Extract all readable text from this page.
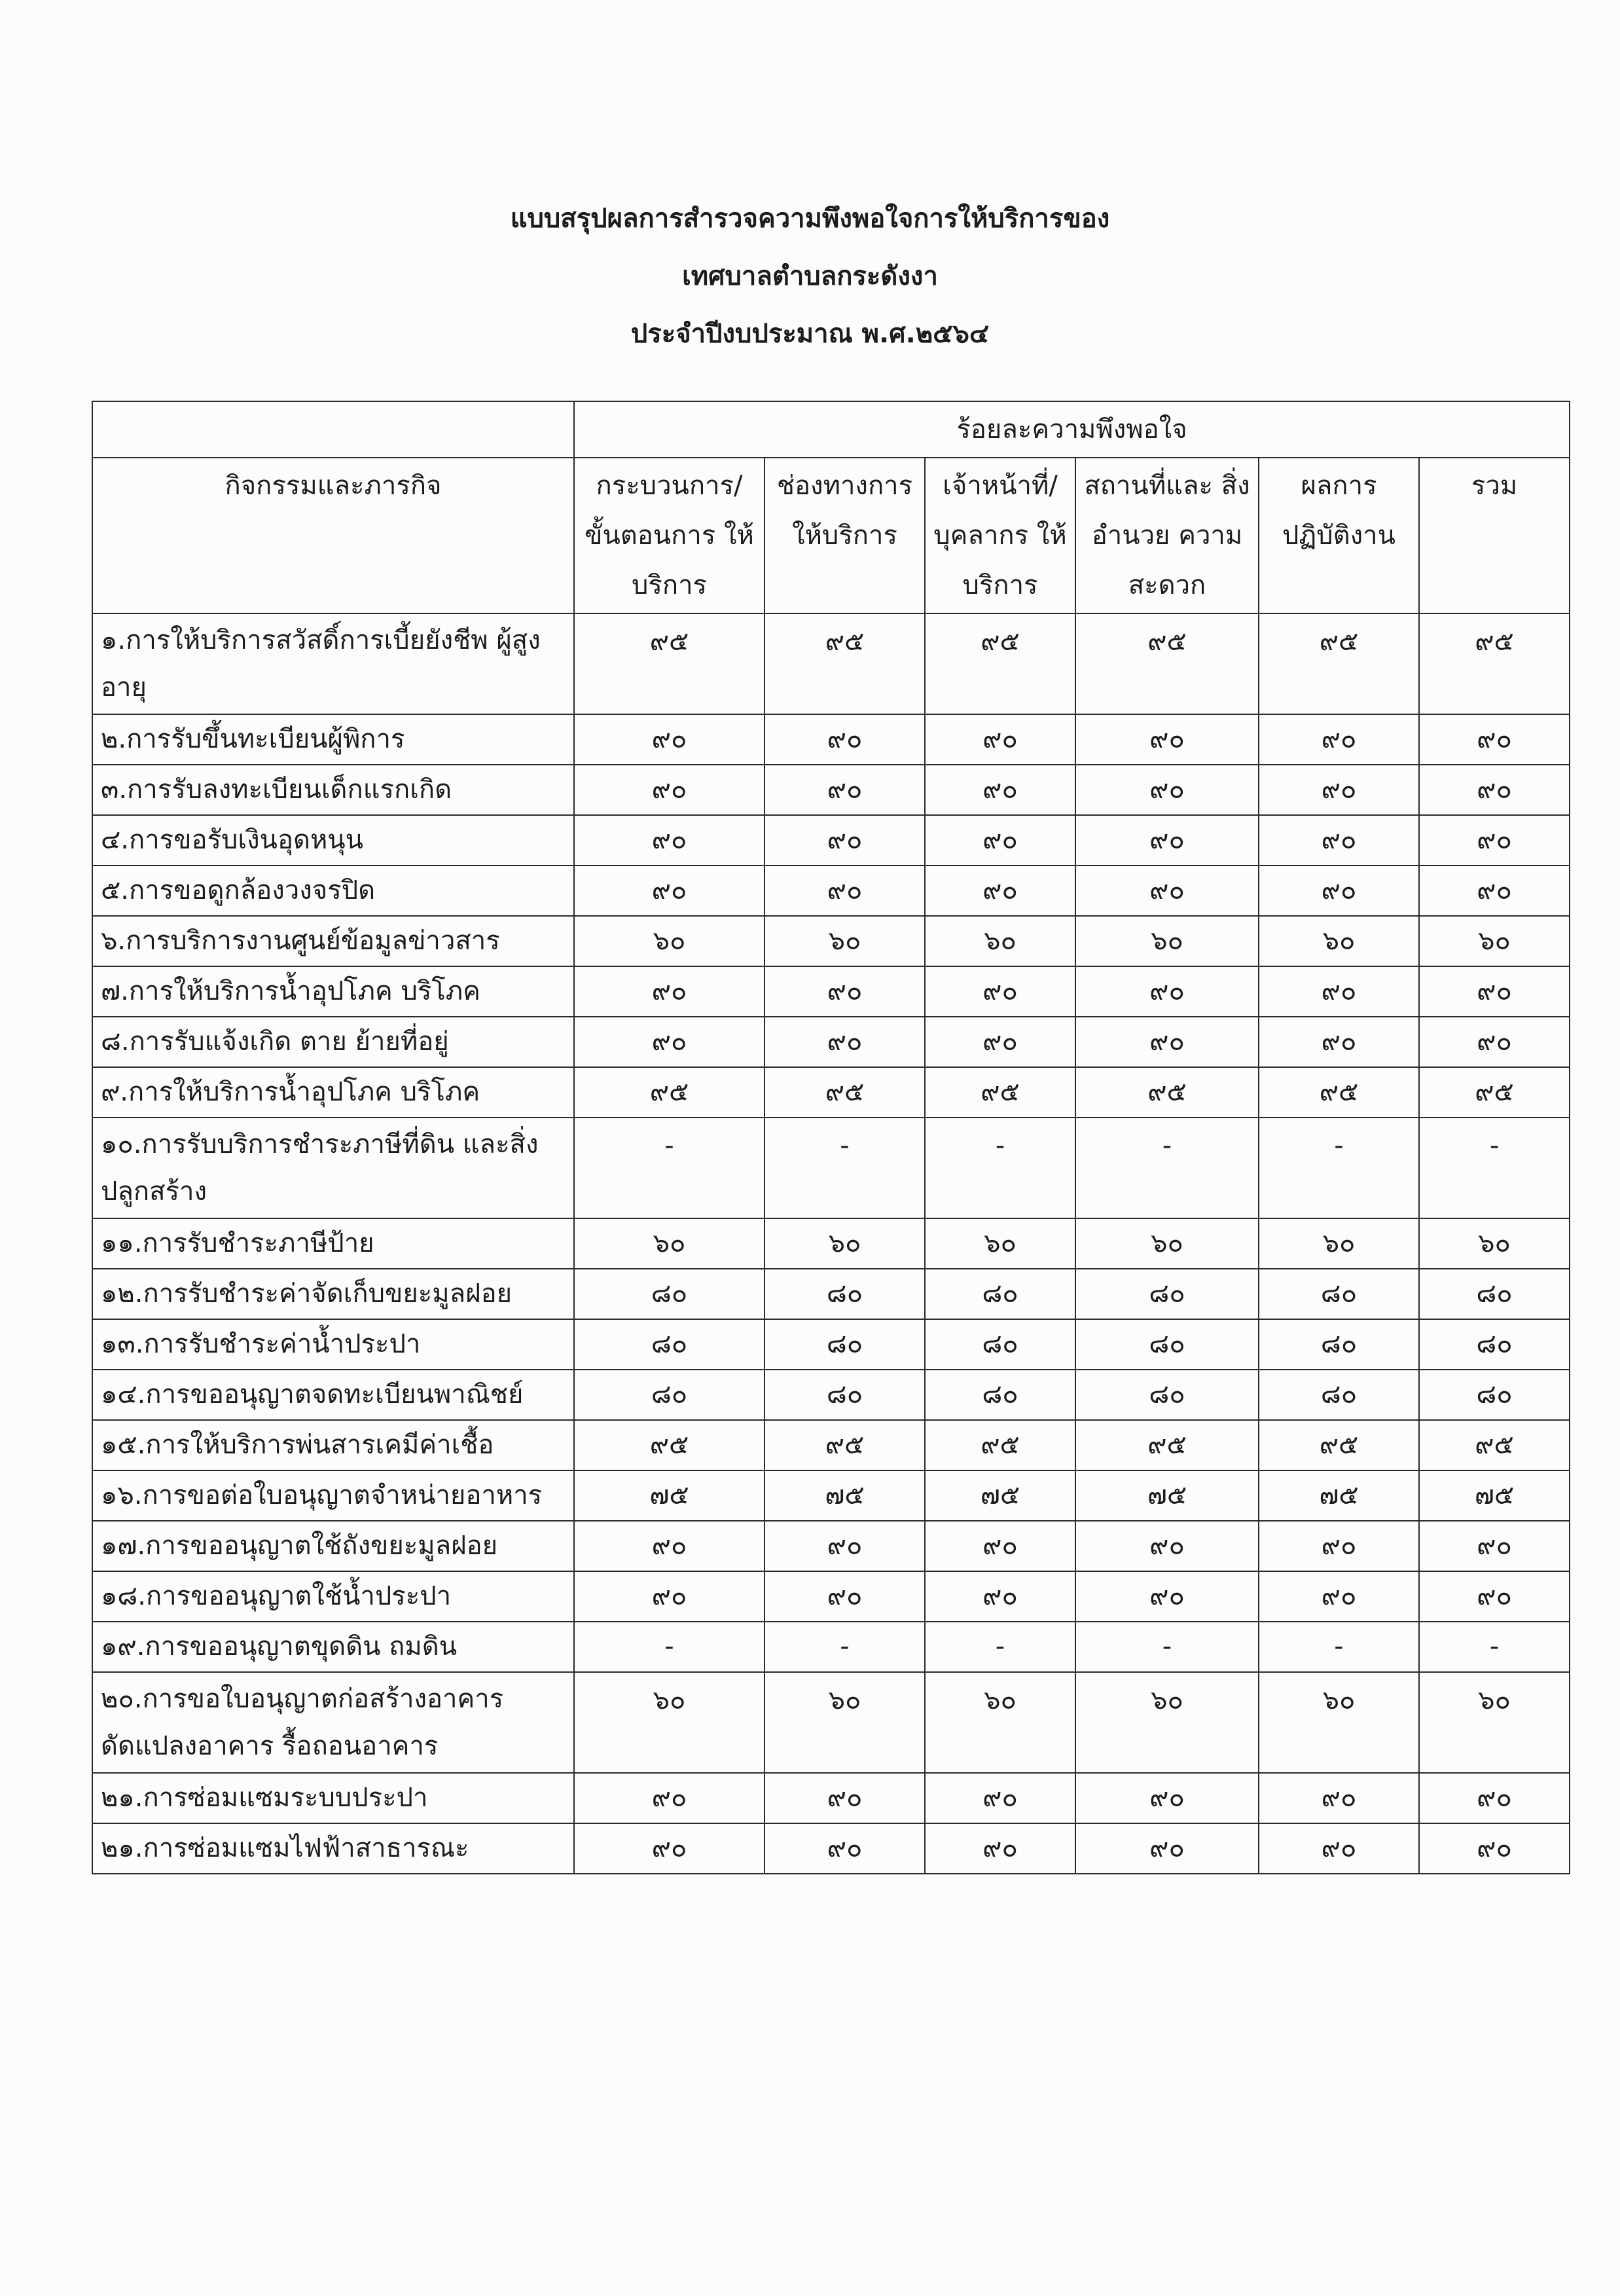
แบบสรุปผลการสำรวจความพึงพอใจการให้บริการของ
เทศบาลตำบลกระดังงา
ประจำปีงบประมาณ พ.ศ.๒๕๖๔
	ร้อยละความพึงพอใจ					
กิจกรรมและภารกิจ	กระบวนการ/ ขั้นตอนการ ให้บริการ	ช่องทางการ ให้บริการ	เจ้าหน้าที่/ บุคลากร ให้บริการ	สถานที่และ สิ่งอำนวย ความสะดวก	ผลการ ปฏิบัติงาน	รวม
๑.การให้บริการสวัสดิ์การเบี้ยยังชีพ ผู้สูงอายุ	๙๕	๙๕	๙๕	๙๕	๙๕	๙๕
๒.การรับขึ้นทะเบียนผู้พิการ	๙๐	๙๐	๙๐	๙๐	๙๐	๙๐
๓.การรับลงทะเบียนเด็กแรกเกิด	๙๐	๙๐	๙๐	๙๐	๙๐	๙๐
๔.การขอรับเงินอุดหนุน	๙๐	๙๐	๙๐	๙๐	๙๐	๙๐
๕.การขอดูกล้องวงจรปิด	๙๐	๙๐	๙๐	๙๐	๙๐	๙๐
๖.การบริการงานศูนย์ข้อมูลข่าวสาร	๖๐	๖๐	๖๐	๖๐	๖๐	๖๐
๗.การให้บริการน้ำอุปโภค บริโภค	๙๐	๙๐	๙๐	๙๐	๙๐	๙๐
๘.การรับแจ้งเกิด ตาย ย้ายที่อยู่	๙๐	๙๐	๙๐	๙๐	๙๐	๙๐
๙.การให้บริการน้ำอุปโภค บริโภค	๙๕	๙๕	๙๕	๙๕	๙๕	๙๕
๑๐.การรับบริการชำระภาษีที่ดิน และสิ่งปลูกสร้าง	-	-	-	-	-	-
๑๑.การรับชำระภาษีป้าย	๖๐	๖๐	๖๐	๖๐	๖๐	๖๐
๑๒.การรับชำระค่าจัดเก็บขยะมูลฝอย	๘๐	๘๐	๘๐	๘๐	๘๐	๘๐
๑๓.การรับชำระค่าน้ำประปา	๘๐	๘๐	๘๐	๘๐	๘๐	๘๐
๑๔.การขออนุญาตจดทะเบียนพาณิชย์	๘๐	๘๐	๘๐	๘๐	๘๐	๘๐
๑๕.การให้บริการพ่นสารเคมีค่าเชื้อ	๙๕	๙๕	๙๕	๙๕	๙๕	๙๕
๑๖.การขอต่อใบอนุญาตจำหน่ายอาหาร	๗๕	๗๕	๗๕	๗๕	๗๕	๗๕
๑๗.การขออนุญาตใช้ถังขยะมูลฝอย	๙๐	๙๐	๙๐	๙๐	๙๐	๙๐
๑๘.การขออนุญาตใช้น้ำประปา	๙๐	๙๐	๙๐	๙๐	๙๐	๙๐
๑๙.การขออนุญาตขุดดิน ถมดิน	-	-	-	-	-	-
๒๐.การขอใบอนุญาตก่อสร้างอาคาร ดัดแปลงอาคาร รื้อถอนอาคาร	๖๐	๖๐	๖๐	๖๐	๖๐	๖๐
๒๑.การซ่อมแซมระบบประปา	๙๐	๙๐	๙๐	๙๐	๙๐	๙๐
๒๑.การซ่อมแซมไฟฟ้าสาธารณะ	๙๐	๙๐	๙๐	๙๐	๙๐	๙๐
